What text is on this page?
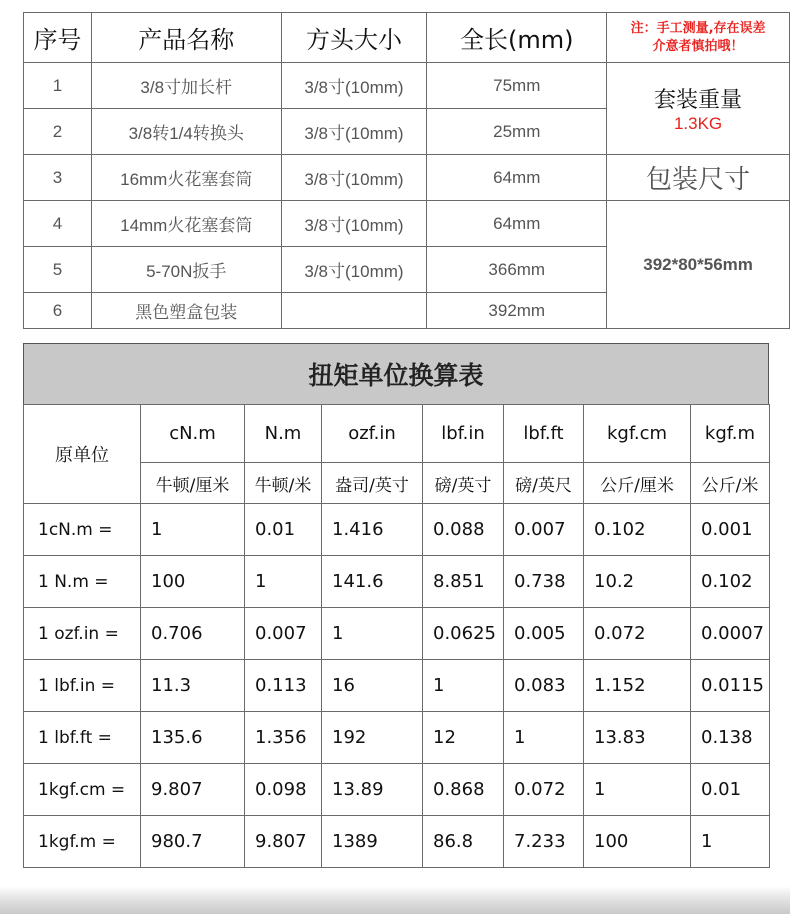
序号	产品名称	方头大小	全长(mm)	注：手工测量,存在误差
介意者慎拍哦！

1	3/8寸加长杆	3/8寸(10mm)	75mm	套装重量
1.3KG

2	3/8转1/4转换头	3/8寸(10mm)	25mm	
3	16mm火花塞套筒	3/8寸(10mm)	64mm	包装尺寸
4	14mm火花塞套筒	3/8寸(10mm)	64mm	392*80*56mm
5	5-70N扳手	3/8寸(10mm)	366mm	
6	黑色塑盒包装		392mm	
扭矩单位换算表
原单位	cN.m	N.m	ozf.in	lbf.in	lbf.ft	kgf.cm	kgf.m
	牛顿/厘米	牛顿/米	盎司/英寸	磅/英寸	磅/英尺	公斤/厘米	公斤/米
1cN.m =	1	0.01	1.416	0.088	0.007	0.102	0.001
1 N.m =	100	1	141.6	8.851	0.738	10.2	0.102
1 ozf.in =	0.706	0.007	1	0.0625	0.005	0.072	0.0007
1 lbf.in =	11.3	0.113	16	1	0.083	1.152	0.0115
1 lbf.ft =	135.6	1.356	192	12	1	13.83	0.138
1kgf.cm =	9.807	0.098	13.89	0.868	0.072	1	0.01
1kgf.m =	980.7	9.807	1389	86.8	7.233	100	1
